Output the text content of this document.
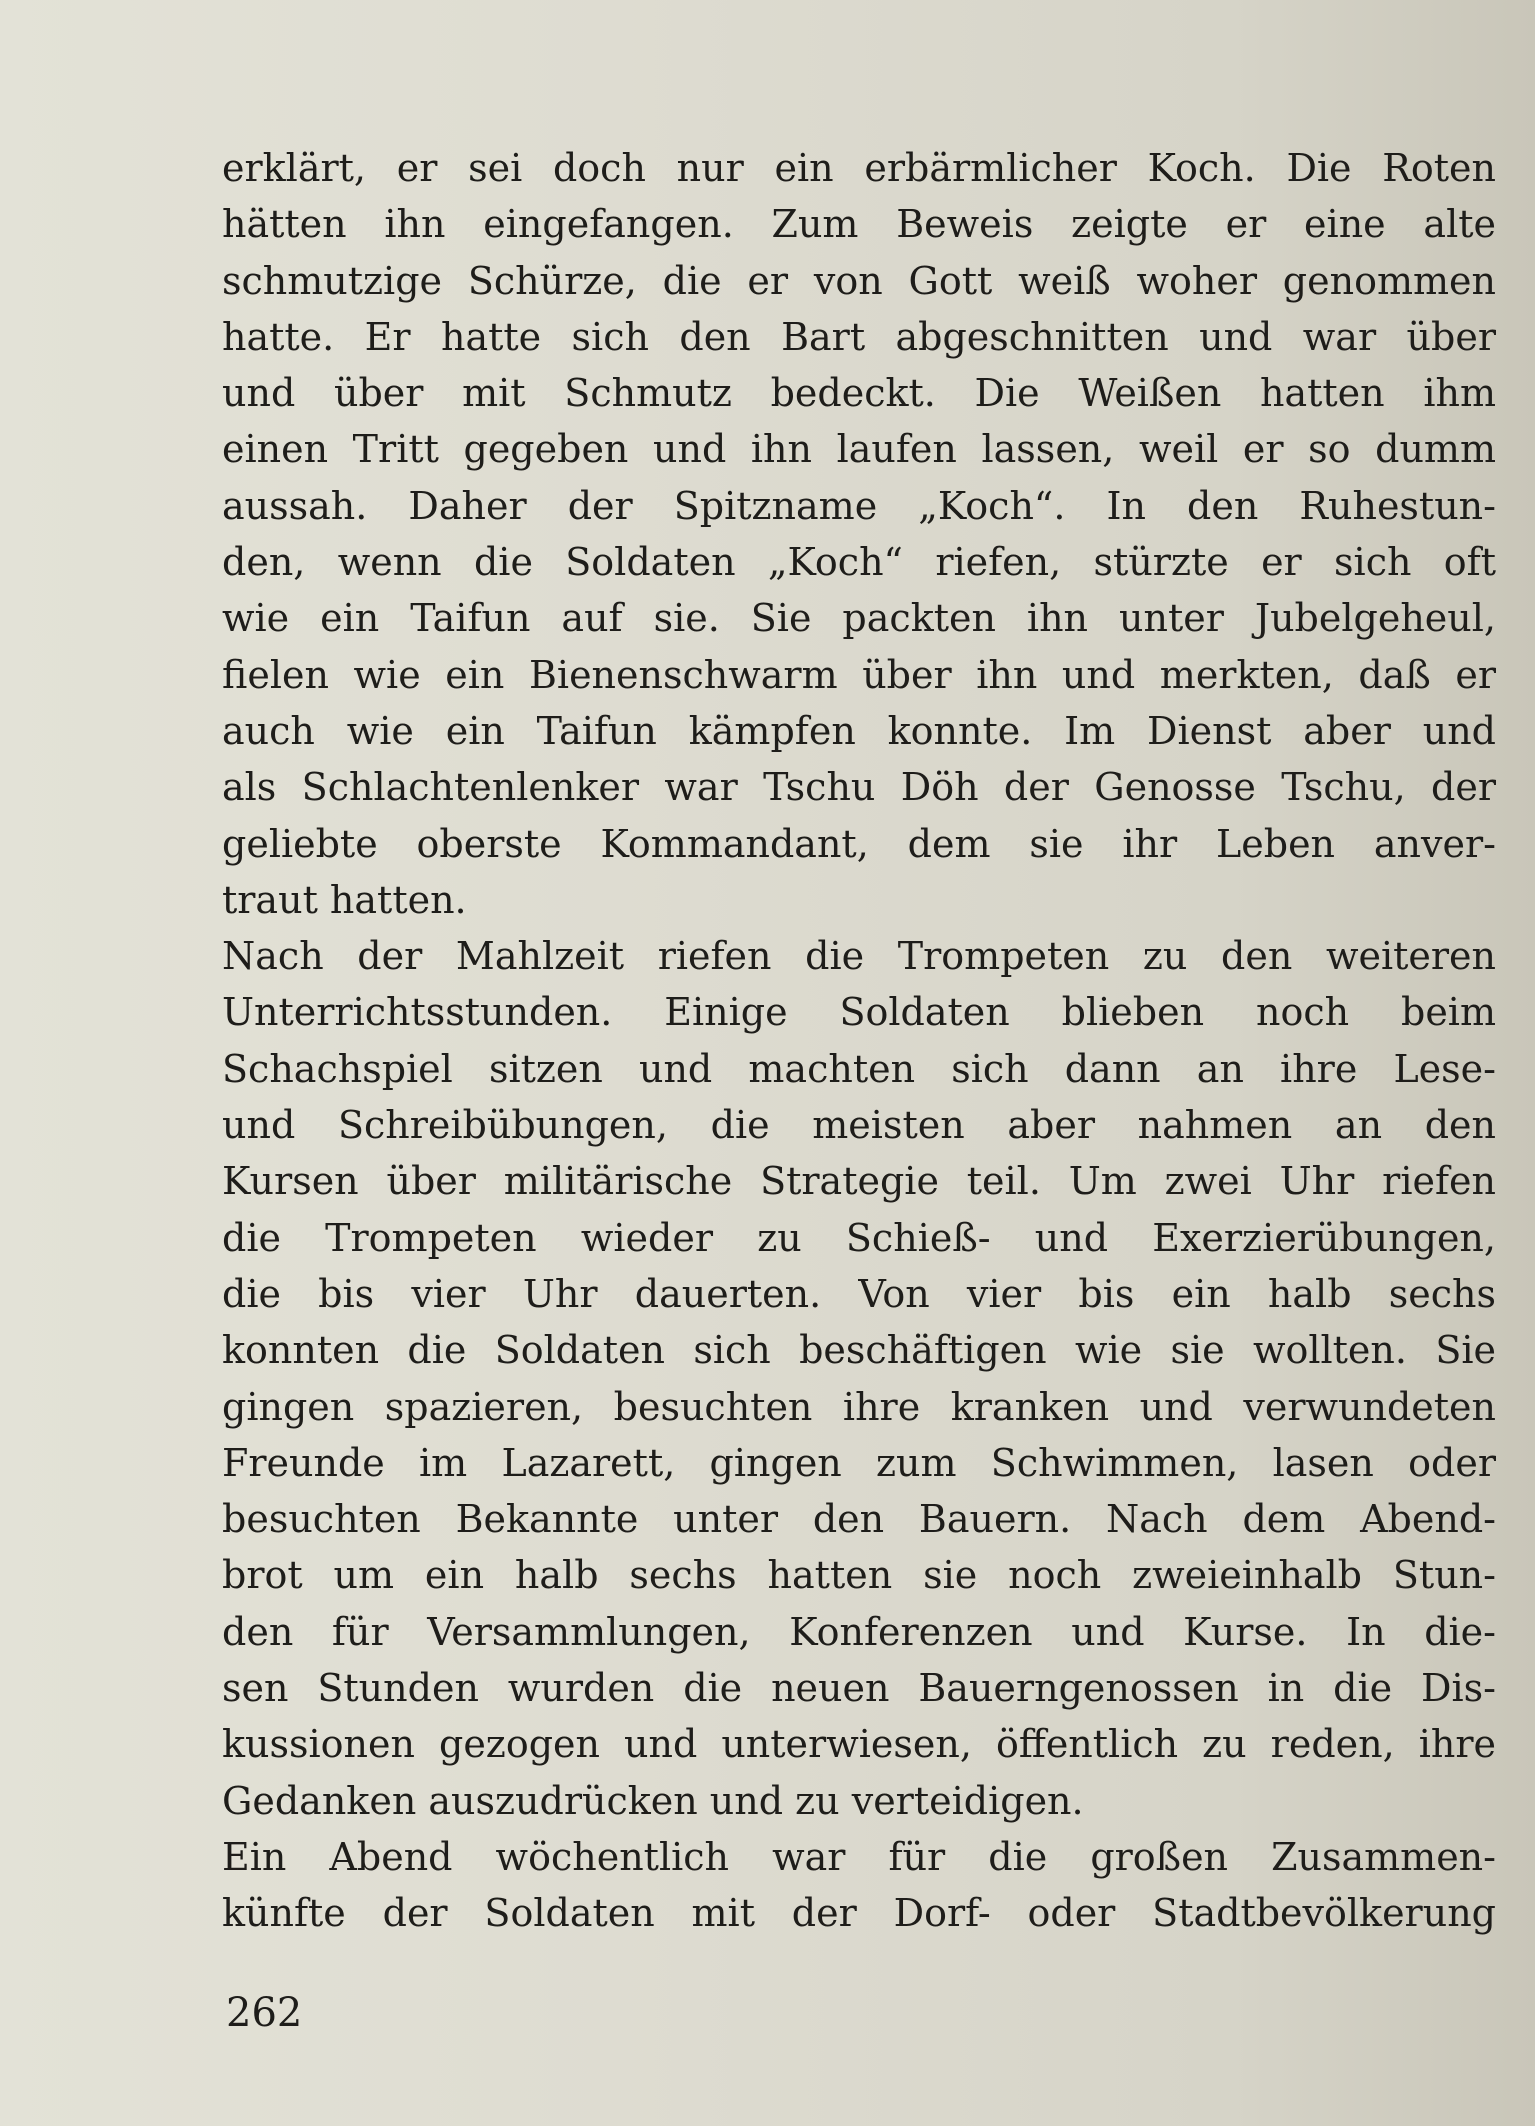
erklärt, er sei doch nur ein erbärmlicher Koch. Die Roten
hätten ihn eingefangen. Zum Beweis zeigte er eine alte
schmutzige Schürze, die er von Gott weiß woher genommen
hatte. Er hatte sich den Bart abgeschnitten und war über
und über mit Schmutz bedeckt. Die Weißen hatten ihm
einen Tritt gegeben und ihn laufen lassen, weil er so dumm
aussah. Daher der Spitzname „Koch“. In den Ruhestun-
den, wenn die Soldaten „Koch“ riefen, stürzte er sich oft
wie ein Taifun auf sie. Sie packten ihn unter Jubelgeheul,
fielen wie ein Bienenschwarm über ihn und merkten, daß er
auch wie ein Taifun kämpfen konnte. Im Dienst aber und
als Schlachtenlenker war Tschu Döh der Genosse Tschu, der
geliebte oberste Kommandant, dem sie ihr Leben anver-
traut hatten.
Nach der Mahlzeit riefen die Trompeten zu den weiteren
Unterrichtsstunden. Einige Soldaten blieben noch beim
Schachspiel sitzen und machten sich dann an ihre Lese-
und Schreibübungen, die meisten aber nahmen an den
Kursen über militärische Strategie teil. Um zwei Uhr riefen
die Trompeten wieder zu Schieß- und Exerzierübungen,
die bis vier Uhr dauerten. Von vier bis ein halb sechs
konnten die Soldaten sich beschäftigen wie sie wollten. Sie
gingen spazieren, besuchten ihre kranken und verwundeten
Freunde im Lazarett, gingen zum Schwimmen, lasen oder
besuchten Bekannte unter den Bauern. Nach dem Abend-
brot um ein halb sechs hatten sie noch zweieinhalb Stun-
den für Versammlungen, Konferenzen und Kurse. In die-
sen Stunden wurden die neuen Bauerngenossen in die Dis-
kussionen gezogen und unterwiesen, öffentlich zu reden, ihre
Gedanken auszudrücken und zu verteidigen.
Ein Abend wöchentlich war für die großen Zusammen-
künfte der Soldaten mit der Dorf- oder Stadtbevölkerung
262
